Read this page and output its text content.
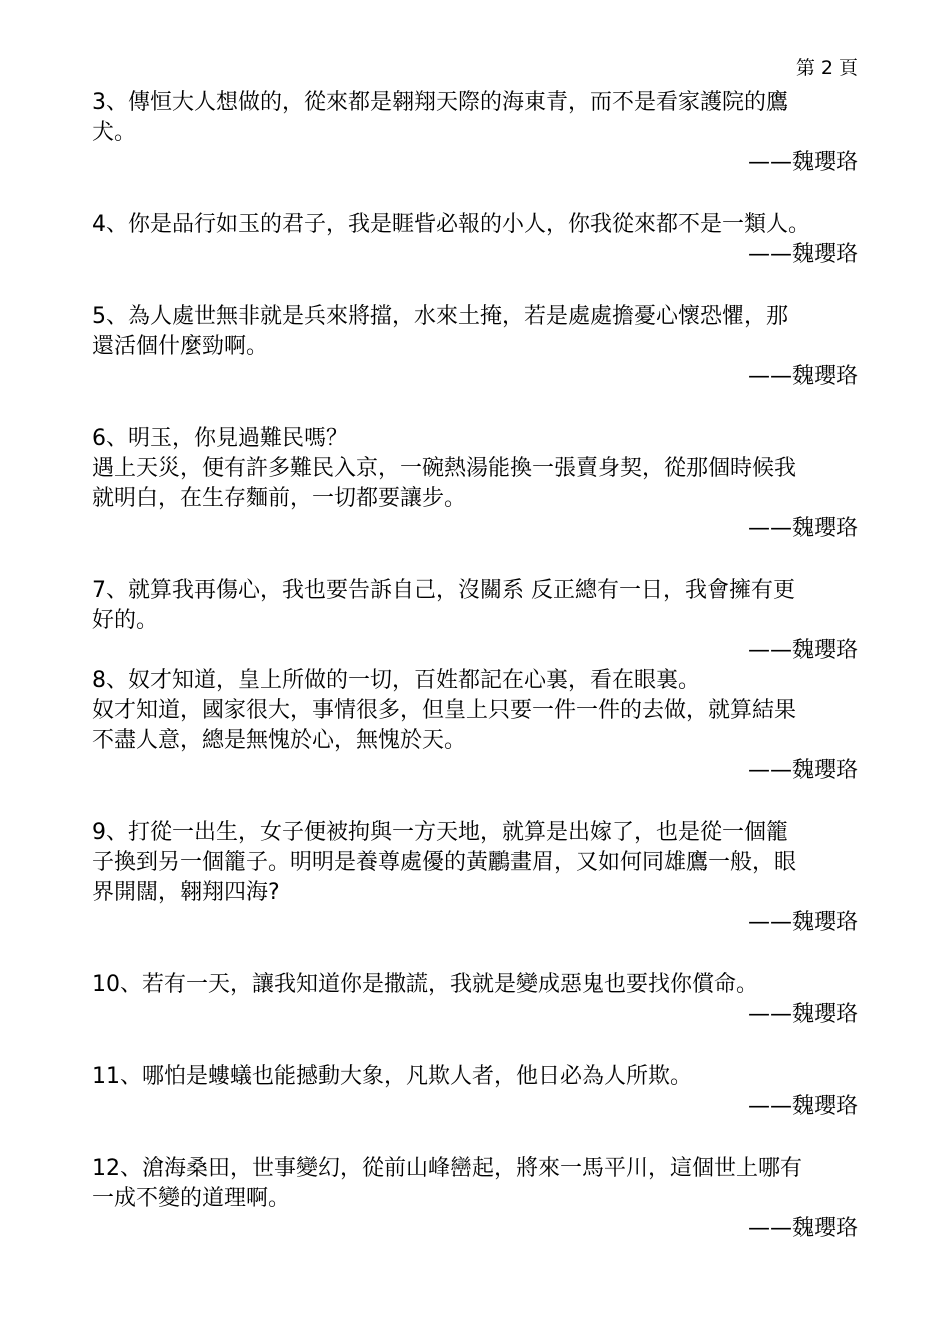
第 2 頁
3、傳恒大人想做的，從來都是翱翔天際的海東青，而不是看家護院的鷹
犬。
——魏瓔珞
4、你是品行如玉的君子，我是睚眥必報的小人，你我從來都不是一類人。
——魏瓔珞
5、為人處世無非就是兵來將擋，水來土掩，若是處處擔憂心懷恐懼，那
還活個什麼勁啊。
——魏瓔珞
6、明玉，你見過難民嗎？
遇上天災，便有許多難民入京，一碗熱湯能換一張賣身契，從那個時候我
就明白，在生存麵前，一切都要讓步。
——魏瓔珞
7、就算我再傷心，我也要告訴自己，沒關系 反正總有一日，我會擁有更
好的。
——魏瓔珞
8、奴才知道，皇上所做的一切，百姓都記在心裏，看在眼裏。
奴才知道，國家很大，事情很多，但皇上只要一件一件的去做，就算結果
不盡人意，總是無愧於心，無愧於天。
——魏瓔珞
9、打從一出生，女子便被拘與一方天地，就算是出嫁了，也是從一個籠
子換到另一個籠子。明明是養尊處優的黃鸝畫眉，又如何同雄鷹一般，眼
界開闊，翱翔四海?
——魏瓔珞
10、若有一天，讓我知道你是撒謊，我就是變成惡鬼也要找你償命。
——魏瓔珞
11、哪怕是螻蟻也能撼動大象，凡欺人者，他日必為人所欺。
——魏瓔珞
12、滄海桑田，世事變幻，從前山峰巒起，將來一馬平川，這個世上哪有
一成不變的道理啊。
——魏瓔珞
